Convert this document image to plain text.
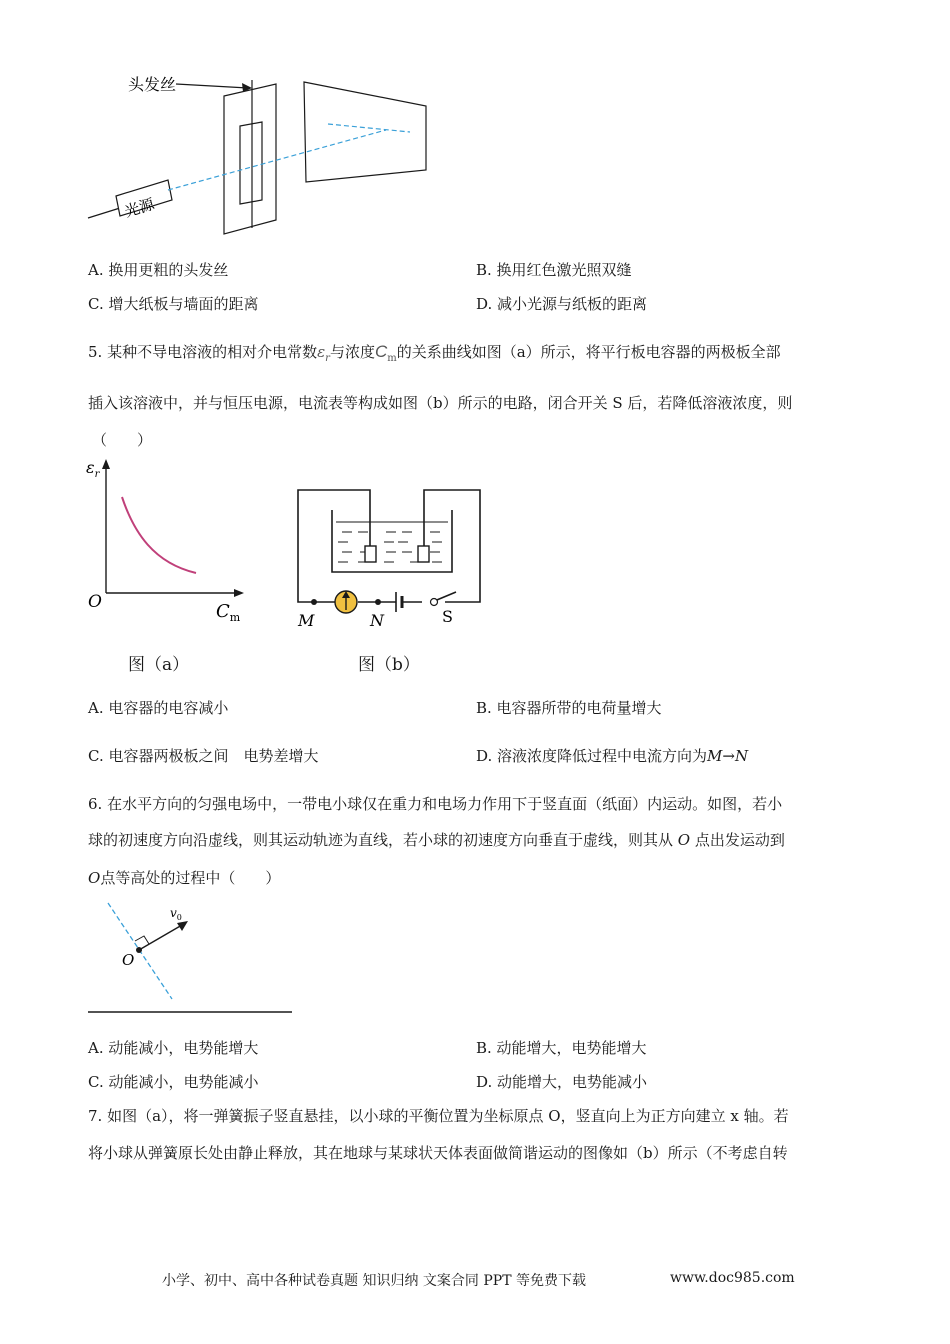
光源
头发丝
A. 换用更粗的头发丝	B. 换用红色激光照双缝
C. 增大纸板与墙面的距离	D. 减小光源与纸板的距离
5. 某种不导电溶液的相对介电常数$\varepsilon_r$与浓度$C_m$的关系曲线如图（a）所示，将平行板电容器的两极板全部
插入该溶液中，并与恒压电源，电流表等构成如图（b）所示的电路，闭合开关 S 后，若降低溶液浓度，则
（　　）
$\varepsilon_r$
O	$C_m$
图（a）
M	N	S
图（b）
A. 电容器的电容减小	B. 电容器所带的电荷量增大
C. 电容器两极板之间　电势差增大	D. 溶液浓度降低过程中电流方向为M→N
6. 在水平方向的匀强电场中，一带电小球仅在重力和电场力作用下于竖直面（纸面）内运动。如图，若小
球的初速度方向沿虚线，则其运动轨迹为直线，若小球的初速度方向垂直于虚线，则其从 O 点出发运动到
O点等高处的过程中（　　）
$v_0$
O
A. 动能减小，电势能增大	B. 动能增大，电势能增大
C. 动能减小，电势能减小	D. 动能增大，电势能减小
7. 如图（a），将一弹簧振子竖直悬挂，以小球的平衡位置为坐标原点 O，竖直向上为正方向建立 x 轴。若
将小球从弹簧原长处由静止释放，其在地球与某球状天体表面做简谐运动的图像如（b）所示（不考虑自转
小学、初中、高中各种试卷真题 知识归纳 文案合同 PPT 等免费下载	www.doc985.com
